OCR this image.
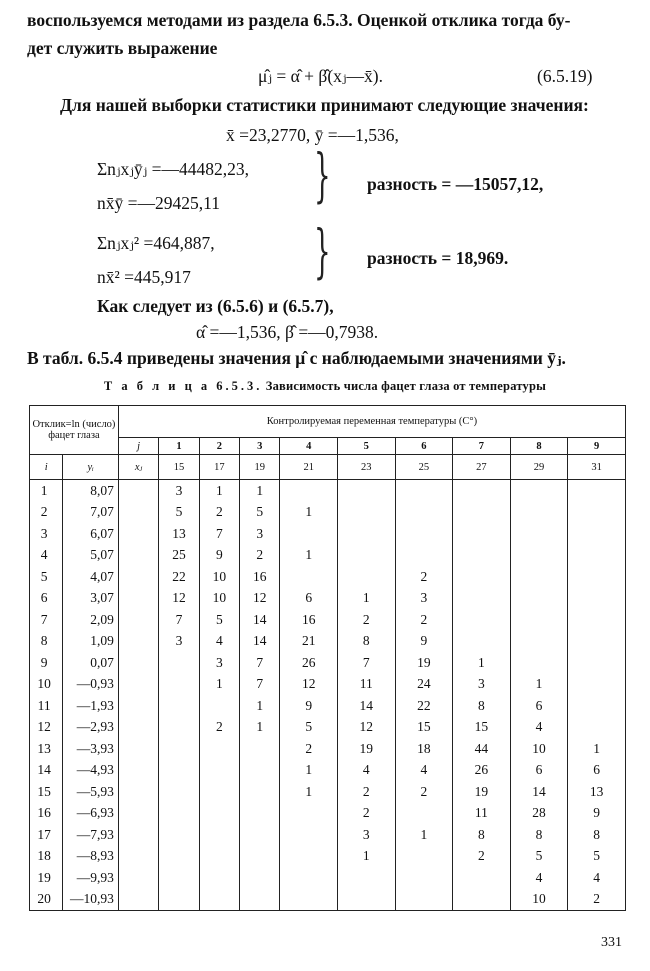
воспользуемся методами из раздела 6.5.3. Оценкой отклика тогда бу-
дет служить выражение
μ̂ⱼ = α̂ + β̂(xⱼ—x̄).	(6.5.19)
Для нашей выборки статистики принимают следующие значения:
x̄ =23,2770, ȳ =—1,536,
Σnⱼxⱼȳⱼ =—44482,23,
nx̄ȳ =—29425,11 } разность = —15057,12,
Σnⱼxⱼ² =464,887,
nx̄² =445,917 } разность = 18,969.
Как следует из (6.5.6) и (6.5.7),
α̂ =—1,536, β̂ =—0,7938.
В табл. 6.5.4 приведены значения μ̂ с наблюдаемыми значениями ȳⱼ.
Т а б л и ц а 6.5.3. Зависимость числа фацет глаза от температуры
Отклик=ln (число) фацет глаза		Контролируемая переменная температуры (С°)									
		j	1	2	3	4	5	6	7	8	9
i	yᵢ	xⱼ	15	17	19	21	23	25	27	29	31
1	8,07		3	1	1						
2	7,07		5	2	5	1					
3	6,07		13	7	3						
4	5,07		25	9	2	1					
5	4,07		22	10	16			2			
6	3,07		12	10	12	6	1	3			
7	2,09		7	5	14	16	2	2			
8	1,09		3	4	14	21	8	9			
9	0,07			3	7	26	7	19	1		
10	—0,93			1	7	12	11	24	3	1	
11	—1,93				1	9	14	22	8	6	
12	—2,93			2	1	5	12	15	15	4	
13	—3,93					2	19	18	44	10	1
14	—4,93					1	4	4	26	6	6
15	—5,93					1	2	2	19	14	13
16	—6,93						2		11	28	9
17	—7,93						3	1	8	8	8
18	—8,93						1		2	5	5
19	—9,93									4	4
20	—10,93									10	2
331
